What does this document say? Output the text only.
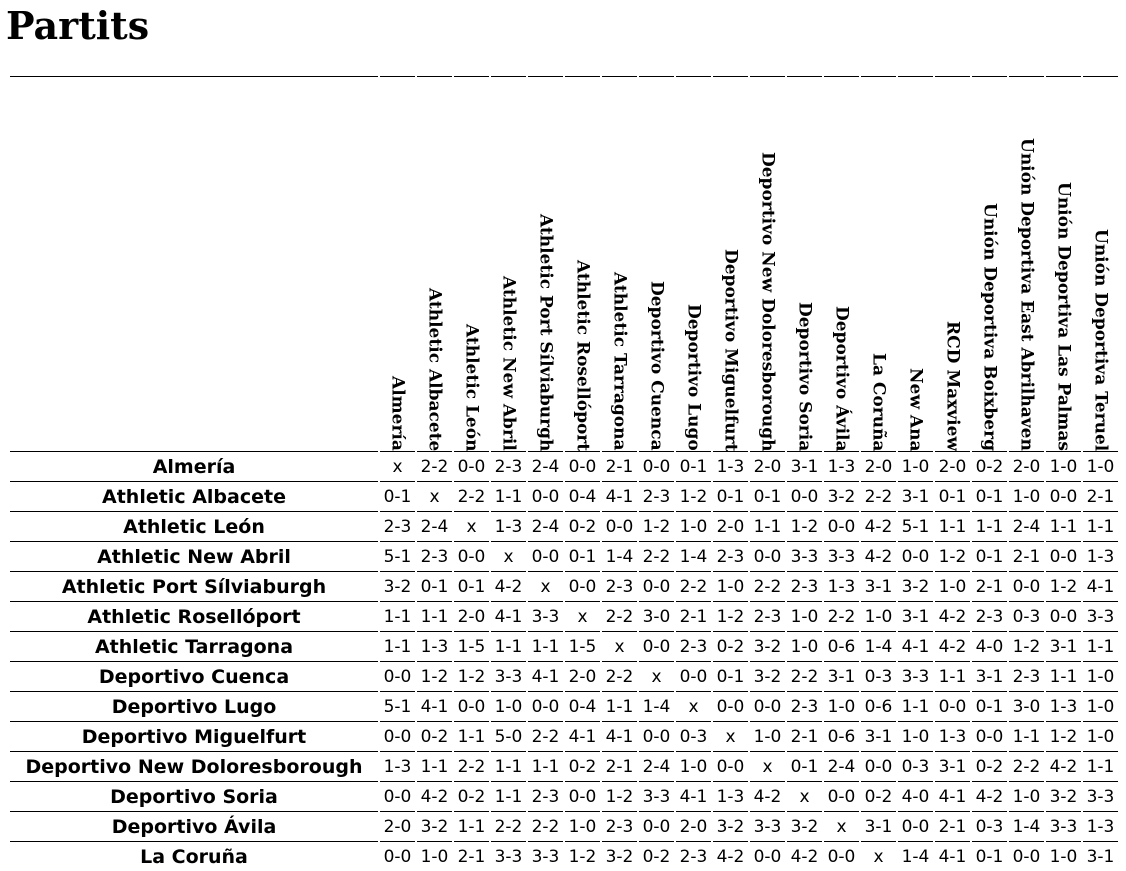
Partits

	Almería	Athletic Albacete	Athletic León	Athletic New Abril	Athletic Port Sílviaburgh	Athletic Rosellóport	Athletic Tarragona	Deportivo Cuenca	Deportivo Lugo	Deportivo Miguelfurt	Deportivo New Doloresborough	Deportivo Soria	Deportivo Ávila	La Coruña	New Ana	RCD Maxview	Unión Deportiva Boixberg	Unión Deportiva East Abrilhaven	Unión Deportiva Las Palmas	Unión Deportiva Teruel

Almería	x	2-2	0-0	2-3	2-4	0-0	2-1	0-0	0-1	1-3	2-0	3-1	1-3	2-0	1-0	2-0	0-2	2-0	1-0	1-0
Athletic Albacete	0-1	x	2-2	1-1	0-0	0-4	4-1	2-3	1-2	0-1	0-1	0-0	3-2	2-2	3-1	0-1	0-1	1-0	0-0	2-1
Athletic León	2-3	2-4	x	1-3	2-4	0-2	0-0	1-2	1-0	2-0	1-1	1-2	0-0	4-2	5-1	1-1	1-1	2-4	1-1	1-1
Athletic New Abril	5-1	2-3	0-0	x	0-0	0-1	1-4	2-2	1-4	2-3	0-0	3-3	3-3	4-2	0-0	1-2	0-1	2-1	0-0	1-3
Athletic Port Sílviaburgh	3-2	0-1	0-1	4-2	x	0-0	2-3	0-0	2-2	1-0	2-2	2-3	1-3	3-1	3-2	1-0	2-1	0-0	1-2	4-1
Athletic Rosellóport	1-1	1-1	2-0	4-1	3-3	x	2-2	3-0	2-1	1-2	2-3	1-0	2-2	1-0	3-1	4-2	2-3	0-3	0-0	3-3
Athletic Tarragona	1-1	1-3	1-5	1-1	1-1	1-5	x	0-0	2-3	0-2	3-2	1-0	0-6	1-4	4-1	4-2	4-0	1-2	3-1	1-1
Deportivo Cuenca	0-0	1-2	1-2	3-3	4-1	2-0	2-2	x	0-0	0-1	3-2	2-2	3-1	0-3	3-3	1-1	3-1	2-3	1-1	1-0
Deportivo Lugo	5-1	4-1	0-0	1-0	0-0	0-4	1-1	1-4	x	0-0	0-0	2-3	1-0	0-6	1-1	0-0	0-1	3-0	1-3	1-0
Deportivo Miguelfurt	0-0	0-2	1-1	5-0	2-2	4-1	4-1	0-0	0-3	x	1-0	2-1	0-6	3-1	1-0	1-3	0-0	1-1	1-2	1-0
Deportivo New Doloresborough	1-3	1-1	2-2	1-1	1-1	0-2	2-1	2-4	1-0	0-0	x	0-1	2-4	0-0	0-3	3-1	0-2	2-2	4-2	1-1
Deportivo Soria	0-0	4-2	0-2	1-1	2-3	0-0	1-2	3-3	4-1	1-3	4-2	x	0-0	0-2	4-0	4-1	4-2	1-0	3-2	3-3
Deportivo Ávila	2-0	3-2	1-1	2-2	2-2	1-0	2-3	0-0	2-0	3-2	3-3	3-2	x	3-1	0-0	2-1	0-3	1-4	3-3	1-3
La Coruña	0-0	1-0	2-1	3-3	3-3	1-2	3-2	0-2	2-3	4-2	0-0	4-2	0-0	x	1-4	4-1	0-1	0-0	1-0	3-1
